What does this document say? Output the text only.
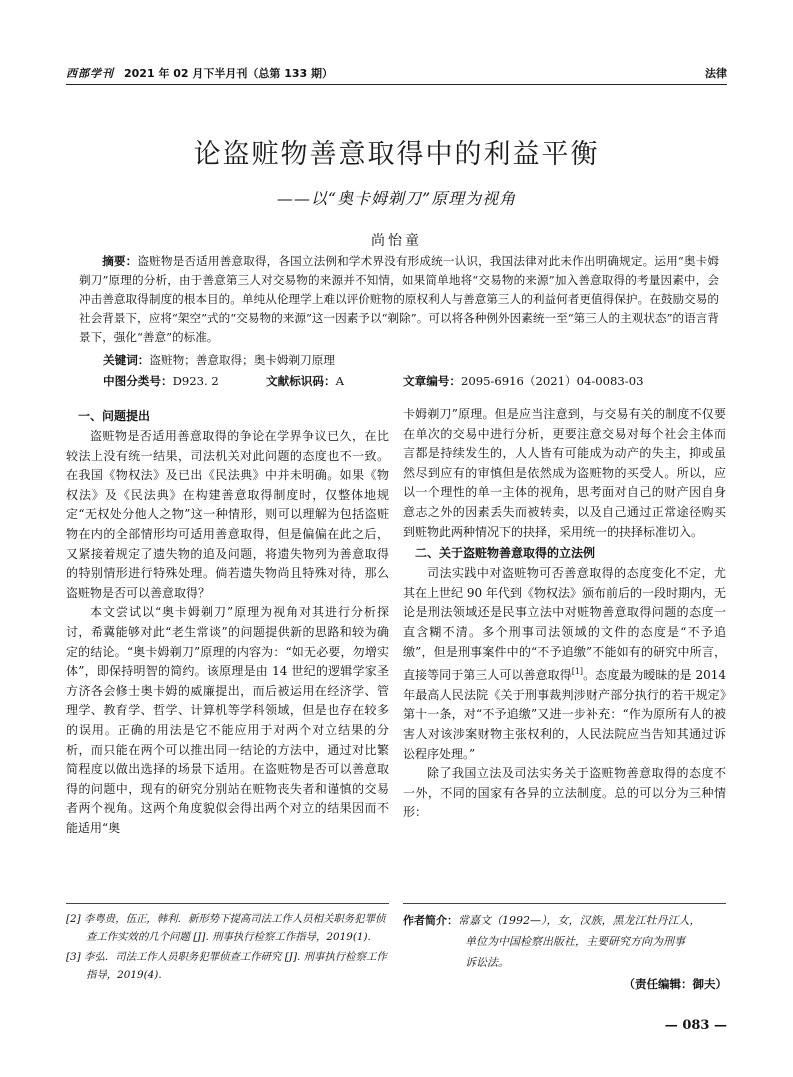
西部学刊 2021 年 02 月下半月刊（总第 133 期）	法律
论盗赃物善意取得中的利益平衡
——以“奥卡姆剃刀”原理为视角
尚怡童

摘要：盗赃物是否适用善意取得，各国立法例和学术界没有形成统一认识，我国法律对此未作出明确规定。运用“奥卡姆剃刀”原理的分析，由于善意第三人对交易物的来源并不知情，如果简单地将“交易物的来源”加入善意取得的考量因素中，会冲击善意取得制度的根本目的。单纯从伦理学上难以评价赃物的原权利人与善意第三人的利益何者更值得保护。在鼓励交易的社会背景下，应将“架空”式的“交易物的来源”这一因素予以“剃除”。可以将各种例外因素统一至“第三人的主观状态”的语言背景下，强化“善意”的标准。

关键词：盗赃物；善意取得；奥卡姆剃刀原理
中图分类号：D923. 2	文献标识码：A	文章编号：2095-6916（2021）04-0083-03
一、问题提出

盗赃物是否适用善意取得的争论在学界争议已久，在比较法上没有统一结果，司法机关对此问题的态度也不一致。在我国《物权法》及已出《民法典》中并未明确。如果《物权法》及《民法典》在构建善意取得制度时，仅整体地规定“无权处分他人之物”这一种情形，则可以理解为包括盗赃物在内的全部情形均可适用善意取得，但是偏偏在此之后，又紧接着规定了遗失物的追及问题，将遗失物列为善意取得的特别情形进行特殊处理。倘若遗失物尚且特殊对待，那么盗赃物是否可以善意取得？

本文尝试以“奥卡姆剃刀”原理为视角对其进行分析探讨，希冀能够对此“老生常谈”的问题提供新的思路和较为确定的结论。“奥卡姆剃刀”原理的内容为：“如无必要，勿增实体”，即保持明智的简约。该原理是由 14 世纪的逻辑学家圣方济各会修士奥卡姆的威廉提出，而后被运用在经济学、管理学、教育学、哲学、计算机等学科领域，但是也存在较多的误用。正确的用法是它不能应用于对两个对立结果的分析，而只能在两个可以推出同一结论的方法中，通过对比繁简程度以做出选择的场景下适用。在盗赃物是否可以善意取得的问题中，现有的研究分别站在赃物丧失者和谨慎的交易者两个视角。这两个角度貌似会得出两个对立的结果因而不能适用“奥

卡姆剃刀”原理。但是应当注意到，与交易有关的制度不仅要在单次的交易中进行分析，更要注意交易对每个社会主体而言都是持续发生的，人人皆有可能成为动产的失主，抑或虽然尽到应有的审慎但是依然成为盗赃物的买受人。所以，应以一个理性的单一主体的视角，思考面对自己的财产因自身意志之外的因素丢失而被转卖，以及自己通过正常途径购买到赃物此两种情况下的抉择，采用统一的抉择标准切入。

二、关于盗赃物善意取得的立法例

司法实践中对盗赃物可否善意取得的态度变化不定，尤其在上世纪 90 年代到《物权法》颁布前后的一段时期内，无论是刑法领域还是民事立法中对赃物善意取得问题的态度一直含糊不清。多个刑事司法领域的文件的态度是“不予追缴”，但是刑事案件中的“不予追缴”不能如有的研究中所言，直接等同于第三人可以善意取得[1]。态度最为暧昧的是 2014 年最高人民法院《关于刑事裁判涉财产部分执行的若干规定》第十一条，对“不予追缴”又进一步补充：“作为原所有人的被害人对该涉案财物主张权利的，人民法院应当告知其通过诉讼程序处理。”

除了我国立法及司法实务关于盗赃物善意取得的态度不一外，不同的国家有各异的立法制度。总的可以分为三种情形：

[2] 李粤贵，伍正，韩利．新形势下提高司法工作人员相关职务犯罪侦查工作实效的几个问题 [J]. 刑事执行检察工作指导，2019(1).

[3] 李弘．司法工作人员职务犯罪侦查工作研究 [J]. 刑事执行检察工作指导，2019(4).

作者简介：常嘉文（1992—），女，汉族，黑龙江牡丹江人，
单位为中国检察出版社，主要研究方向为刑事
诉讼法。
（责任编辑：御夫）
— 083 —
